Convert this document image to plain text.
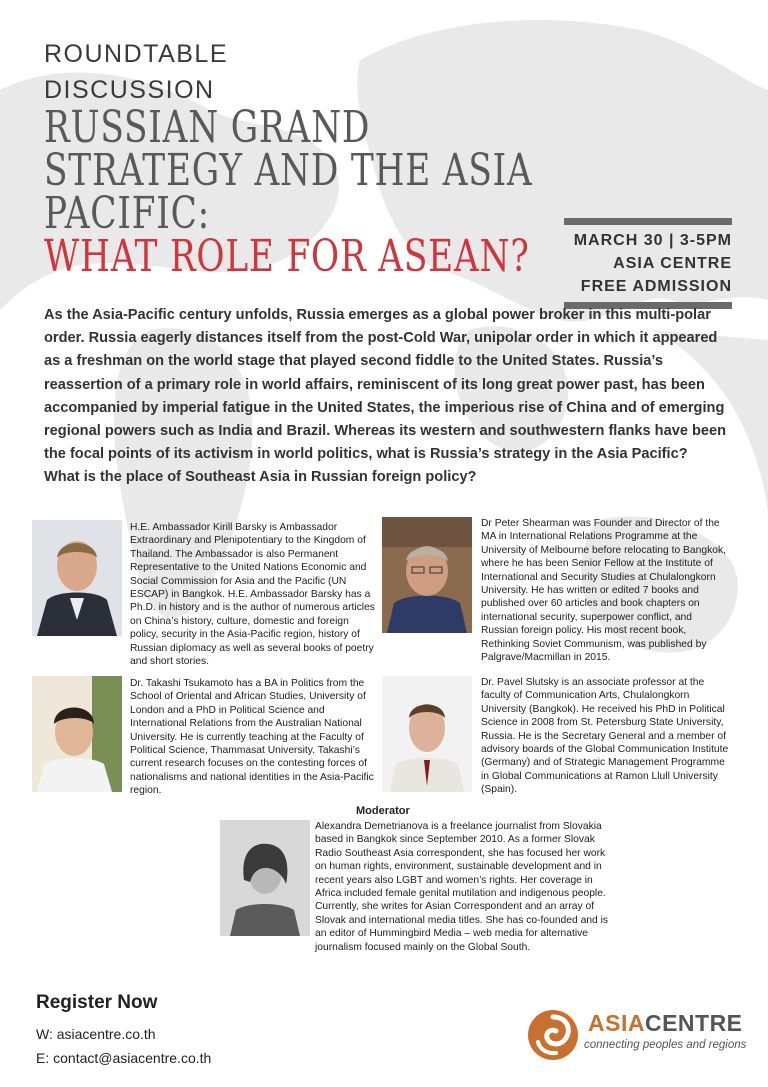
ROUNDTABLE
DISCUSSION
RUSSIAN GRAND
STRATEGY AND THE ASIA
PACIFIC:
WHAT ROLE FOR ASEAN?	MARCH 30 | 3-5PM
ASIA CENTRE
FREE ADMISSION

As the Asia-Pacific century unfolds, Russia emerges as a global power broker in this multi-polar order. Russia eagerly distances itself from the post-Cold War, unipolar order in which it appeared as a freshman on the world stage that played second fiddle to the United States. Russia’s reassertion of a primary role in world affairs, reminiscent of its long great power past, has been accompanied by imperial fatigue in the United States, the imperious rise of China and of emerging regional powers such as India and Brazil. Whereas its western and southwestern flanks have been the focal points of its activism in world politics, what is Russia’s strategy in the Asia Pacific?

What is the place of Southeast Asia in Russian foreign policy?

H.E. Ambassador Kirill Barsky is Ambassador Extraordinary and Plenipotentiary to the Kingdom of Thailand. The Ambassador is also Permanent Representative to the United Nations Economic and Social Commission for Asia and the Pacific (UN ESCAP) in Bangkok. H.E. Ambassador Barsky has a Ph.D. in history and is the author of numerous articles on China’s history, culture, domestic and foreign policy, security in the Asia-Pacific region, history of Russian diplomacy as well as several books of poetry and short stories.
Dr Peter Shearman was Founder and Director of the MA in International Relations Programme at the University of Melbourne before relocating to Bangkok, where he has been Senior Fellow at the Institute of International and Security Studies at Chulalongkorn University. He has written or edited 7 books and published over 60 articles and book chapters on international security, superpower conflict, and Russian foreign policy. His most recent book, Rethinking Soviet Communism, was published by Palgrave/Macmillan in 2015.
Dr. Takashi Tsukamoto has a BA in Politics from the School of Oriental and African Studies, University of London and a PhD in Political Science and International Relations from the Australian National University. He is currently teaching at the Faculty of Political Science, Thammasat University. Takashi’s current research focuses on the contesting forces of nationalisms and national identities in the Asia-Pacific region.
Dr. Pavel Slutsky is an associate professor at the faculty of Communication Arts, Chulalongkorn University (Bangkok). He received his PhD in Political Science in 2008 from St. Petersburg State University, Russia. He is the Secretary General and a member of advisory boards of the Global Communication Institute (Germany) and of Strategic Management Programme in Global Communications at Ramon Llull University (Spain).
Moderator
Alexandra Demetrianova is a freelance journalist from Slovakia based in Bangkok since September 2010. As a former Slovak Radio Southeast Asia correspondent, she has focused her work on human rights, environment, sustainable development and in recent years also LGBT and women’s rights. Her coverage in Africa included female genital mutilation and indigenous people. Currently, she writes for Asian Correspondent and an array of Slovak and international media titles. She has co-founded and is an editor of Hummingbird Media – web media for alternative journalism focused mainly on the Global South.
Register Now
W: asiacentre.co.th
E: contact@asiacentre.co.th
ASIACENTRE
connecting peoples and regions
